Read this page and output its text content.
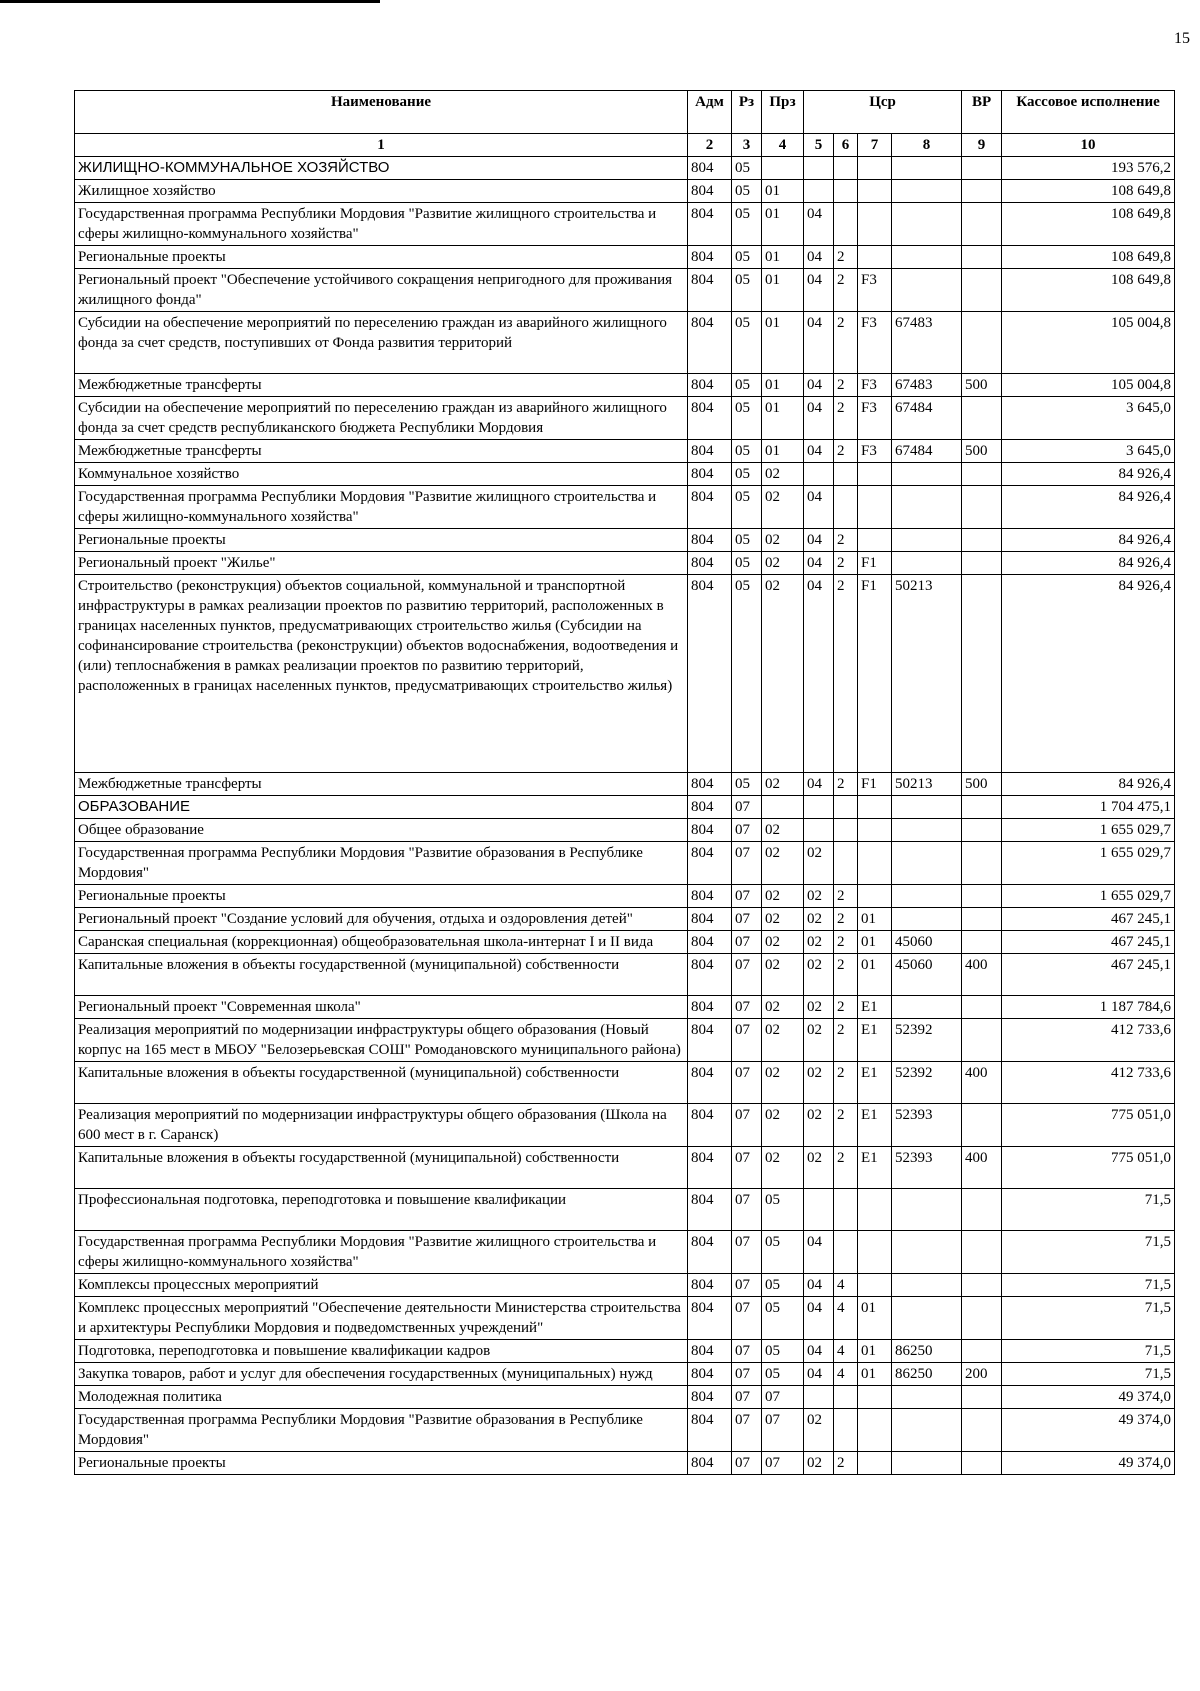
15
Наименование	Адм	Рз	Прз	Цср				ВР	Кассовое исполнение
1	2	3	4	5	6	7	8	9	10
ЖИЛИЩНО-КОММУНАЛЬНОЕ ХОЗЯЙСТВО	804	05							193 576,2
Жилищное хозяйство	804	05	01						108 649,8
Государственная программа Республики Мордовия "Развитие жилищного строительства и сферы жилищно-коммунального хозяйства"	804	05	01	04					108 649,8
Региональные проекты	804	05	01	04	2				108 649,8
Региональный проект "Обеспечение устойчивого сокращения непригодного для проживания жилищного фонда"	804	05	01	04	2	F3			108 649,8
Субсидии на обеспечение мероприятий по переселению граждан из аварийного жилищного фонда за счет средств, поступивших от Фонда развития территорий	804	05	01	04	2	F3	67483		105 004,8
Межбюджетные трансферты	804	05	01	04	2	F3	67483	500	105 004,8
Субсидии на обеспечение мероприятий по переселению граждан из аварийного жилищного фонда за счет средств республиканского бюджета Республики Мордовия	804	05	01	04	2	F3	67484		3 645,0
Межбюджетные трансферты	804	05	01	04	2	F3	67484	500	3 645,0
Коммунальное хозяйство	804	05	02						84 926,4
Государственная программа Республики Мордовия "Развитие жилищного строительства и сферы жилищно-коммунального хозяйства"	804	05	02	04					84 926,4
Региональные проекты	804	05	02	04	2				84 926,4
Региональный проект "Жилье"	804	05	02	04	2	F1			84 926,4
Строительство (реконструкция) объектов социальной, коммунальной и транспортной инфраструктуры в рамках реализации проектов по развитию территорий, расположенных в границах населенных пунктов, предусматривающих строительство жилья (Субсидии на софинансирование строительства (реконструкции) объектов водоснабжения, водоотведения и (или) теплоснабжения в рамках реализации проектов по развитию территорий, расположенных в границах населенных пунктов, предусматривающих строительство жилья)	804	05	02	04	2	F1	50213		84 926,4
Межбюджетные трансферты	804	05	02	04	2	F1	50213	500	84 926,4
ОБРАЗОВАНИЕ	804	07							1 704 475,1
Общее образование	804	07	02						1 655 029,7
Государственная программа Республики Мордовия "Развитие образования в Республике Мордовия"	804	07	02	02					1 655 029,7
Региональные проекты	804	07	02	02	2				1 655 029,7
Региональный проект "Создание условий для обучения, отдыха и оздоровления детей"	804	07	02	02	2	01			467 245,1
Саранская специальная (коррекционная) общеобразовательная школа-интернат I и II вида	804	07	02	02	2	01	45060		467 245,1
Капитальные вложения в объекты государственной (муниципальной) собственности	804	07	02	02	2	01	45060	400	467 245,1
Региональный проект "Современная школа"	804	07	02	02	2	E1			1 187 784,6
Реализация мероприятий по модернизации инфраструктуры общего образования (Новый корпус на 165 мест в МБОУ "Белозерьевская СОШ" Ромодановского муниципального района)	804	07	02	02	2	E1	52392		412 733,6
Капитальные вложения в объекты государственной (муниципальной) собственности	804	07	02	02	2	E1	52392	400	412 733,6
Реализация мероприятий по модернизации инфраструктуры общего образования (Школа на 600 мест в г. Саранск)	804	07	02	02	2	E1	52393		775 051,0
Капитальные вложения в объекты государственной (муниципальной) собственности	804	07	02	02	2	E1	52393	400	775 051,0
Профессиональная подготовка, переподготовка и повышение квалификации	804	07	05						71,5
Государственная программа Республики Мордовия "Развитие жилищного строительства и сферы жилищно-коммунального хозяйства"	804	07	05	04					71,5
Комплексы процессных мероприятий	804	07	05	04	4				71,5
Комплекс процессных мероприятий "Обеспечение деятельности Министерства строительства и архитектуры Республики Мордовия и подведомственных учреждений"	804	07	05	04	4	01			71,5
Подготовка, переподготовка и повышение квалификации кадров	804	07	05	04	4	01	86250		71,5
Закупка товаров, работ и услуг для обеспечения государственных (муниципальных) нужд	804	07	05	04	4	01	86250	200	71,5
Молодежная политика	804	07	07						49 374,0
Государственная программа Республики Мордовия "Развитие образования в Республике Мордовия"	804	07	07	02					49 374,0
Региональные проекты	804	07	07	02	2				49 374,0
